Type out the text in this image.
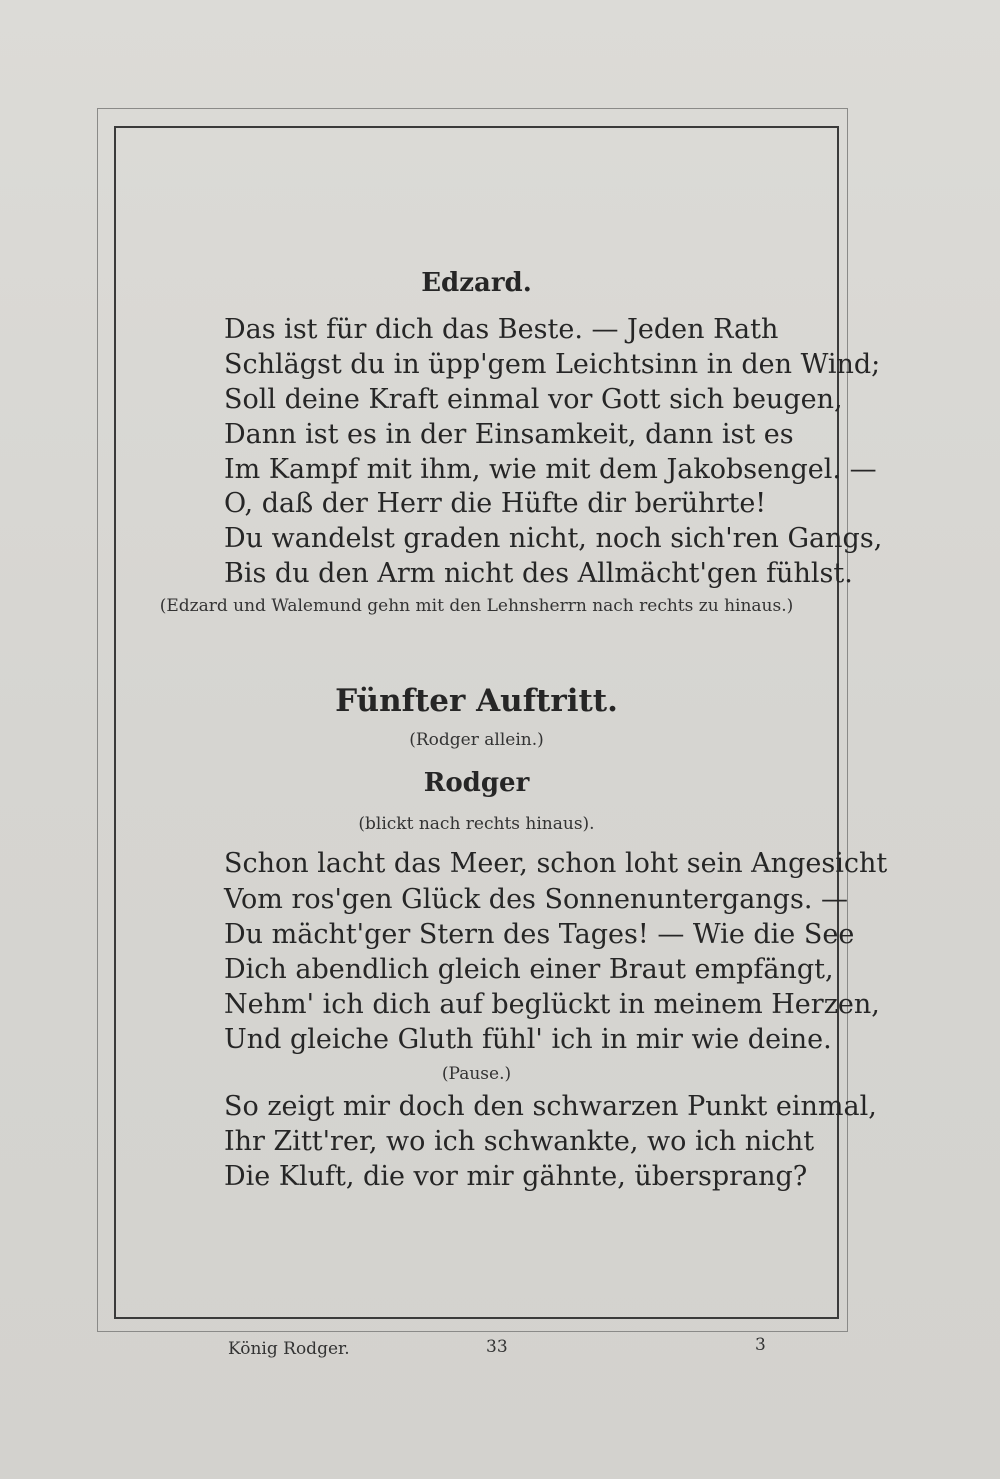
Edzard.
Das ist für dich das Beste. — Jeden Rath
Schlägst du in üpp'gem Leichtsinn in den Wind;
Soll deine Kraft einmal vor Gott sich beugen,
Dann ist es in der Einsamkeit, dann ist es
Im Kampf mit ihm, wie mit dem Jakobsengel. —
O, daß der Herr die Hüfte dir berührte!
Du wandelst graden nicht, noch sich'ren Gangs,
Bis du den Arm nicht des Allmächt'gen fühlst.
(Edzard und Walemund gehn mit den Lehnsherrn nach rechts zu hinaus.)
Fünfter Auftritt.
(Rodger allein.)
Rodger
(blickt nach rechts hinaus).
Schon lacht das Meer, schon loht sein Angesicht
Vom ros'gen Glück des Sonnenuntergangs. —
Du mächt'ger Stern des Tages! — Wie die See
Dich abendlich gleich einer Braut empfängt,
Nehm' ich dich auf beglückt in meinem Herzen,
Und gleiche Gluth fühl' ich in mir wie deine.
(Pause.)
So zeigt mir doch den schwarzen Punkt einmal,
Ihr Zitt'rer, wo ich schwankte, wo ich nicht
Die Kluft, die vor mir gähnte, übersprang?
König Rodger.	33	3
